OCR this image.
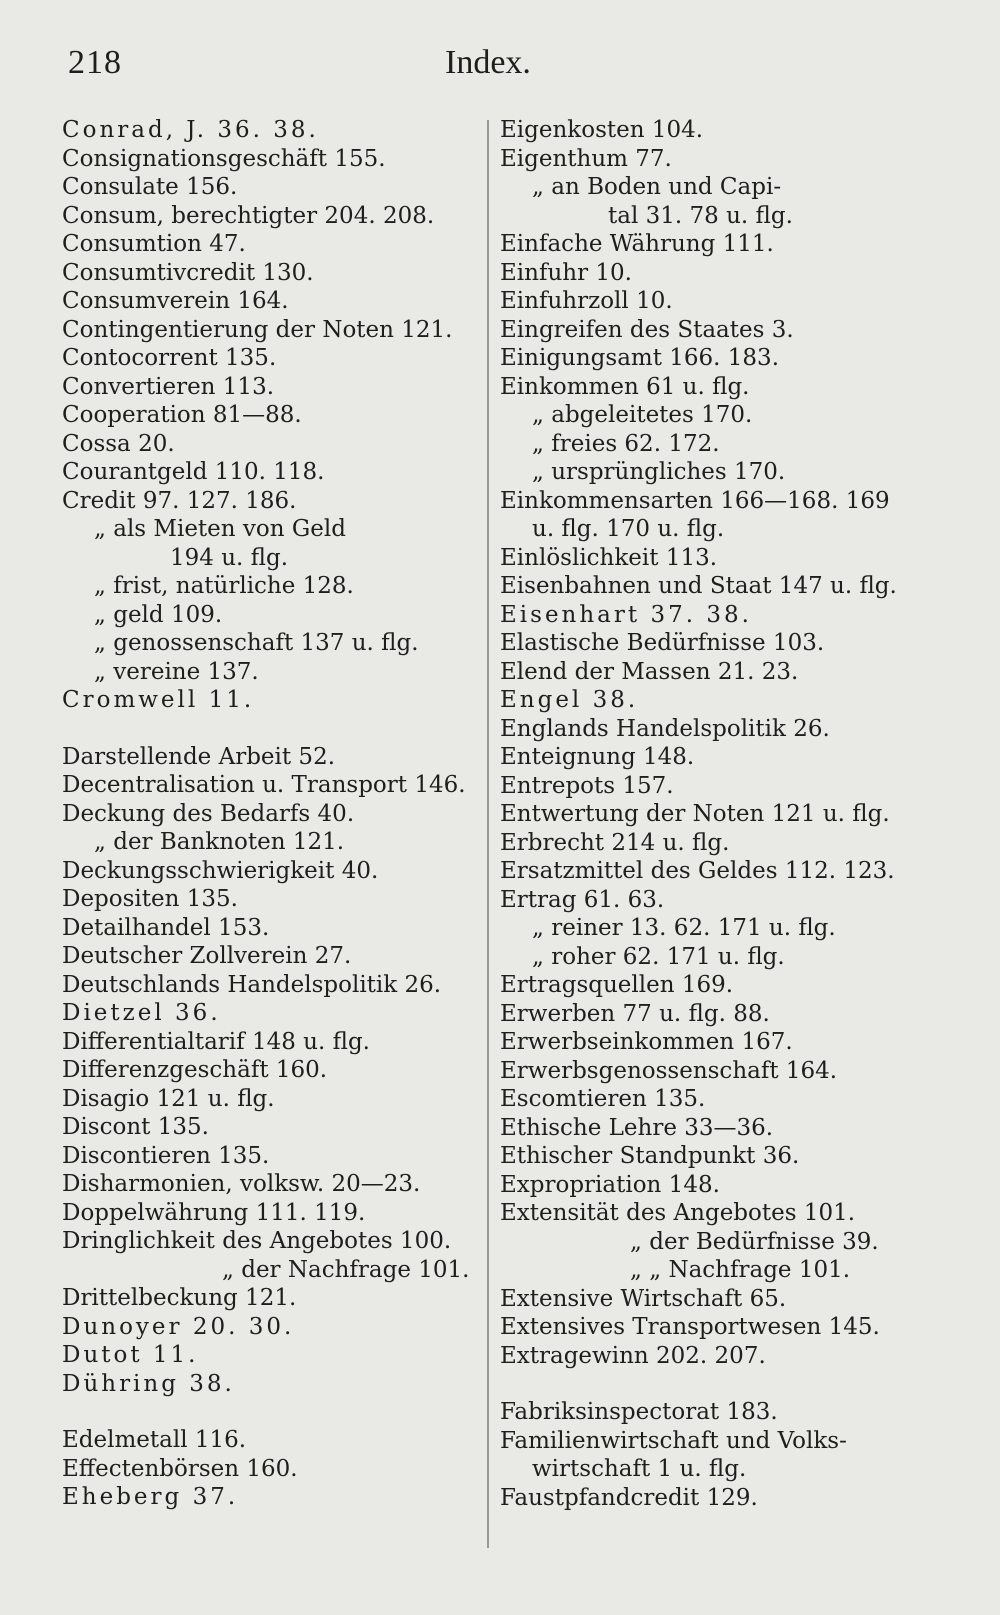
218	Index.
Conrad, J. 36. 38.
Consignationsgeschäft 155.
Consulate 156.
Consum, berechtigter 204. 208.
Consumtion 47.
Consumtivcredit 130.
Consumverein 164.
Contingentierung der Noten 121.
Contocorrent 135.
Convertieren 113.
Cooperation 81—88.
Cossa 20.
Courantgeld 110. 118.
Credit 97. 127. 186.
„ als Mieten von Geld
194 u. flg.
„ frist, natürliche 128.
„ geld 109.
„ genossenschaft 137 u. flg.
„ vereine 137.
Cromwell 11.
Darstellende Arbeit 52.
Decentralisation u. Transport 146.
Deckung des Bedarfs 40.
„ der Banknoten 121.
Deckungsschwierigkeit 40.
Depositen 135.
Detailhandel 153.
Deutscher Zollverein 27.
Deutschlands Handelspolitik 26.
Dietzel 36.
Differentialtarif 148 u. flg.
Differenzgeschäft 160.
Disagio 121 u. flg.
Discont 135.
Discontieren 135.
Disharmonien, volksw. 20—23.
Doppelwährung 111. 119.
Dringlichkeit des Angebotes 100.
„ der Nachfrage 101.
Drittelbeckung 121.
Dunoyer 20. 30.
Dutot 11.
Dühring 38.
Edelmetall 116.
Effectenbörsen 160.
Eheberg 37.
Eigenkosten 104.
Eigenthum 77.
„ an Boden und Capi-
tal 31. 78 u. flg.
Einfache Währung 111.
Einfuhr 10.
Einfuhrzoll 10.
Eingreifen des Staates 3.
Einigungsamt 166. 183.
Einkommen 61 u. flg.
„ abgeleitetes 170.
„ freies 62. 172.
„ ursprüngliches 170.
Einkommensarten 166—168. 169
u. flg. 170 u. flg.
Einlöslichkeit 113.
Eisenbahnen und Staat 147 u. flg.
Eisenhart 37. 38.
Elastische Bedürfnisse 103.
Elend der Massen 21. 23.
Engel 38.
Englands Handelspolitik 26.
Enteignung 148.
Entrepots 157.
Entwertung der Noten 121 u. flg.
Erbrecht 214 u. flg.
Ersatzmittel des Geldes 112. 123.
Ertrag 61. 63.
„ reiner 13. 62. 171 u. flg.
„ roher 62. 171 u. flg.
Ertragsquellen 169.
Erwerben 77 u. flg. 88.
Erwerbseinkommen 167.
Erwerbsgenossenschaft 164.
Escomtieren 135.
Ethische Lehre 33—36.
Ethischer Standpunkt 36.
Expropriation 148.
Extensität des Angebotes 101.
„ der Bedürfnisse 39.
„ „ Nachfrage 101.
Extensive Wirtschaft 65.
Extensives Transportwesen 145.
Extragewinn 202. 207.
Fabriksinspectorat 183.
Familienwirtschaft und Volks-
wirtschaft 1 u. flg.
Faustpfandcredit 129.
